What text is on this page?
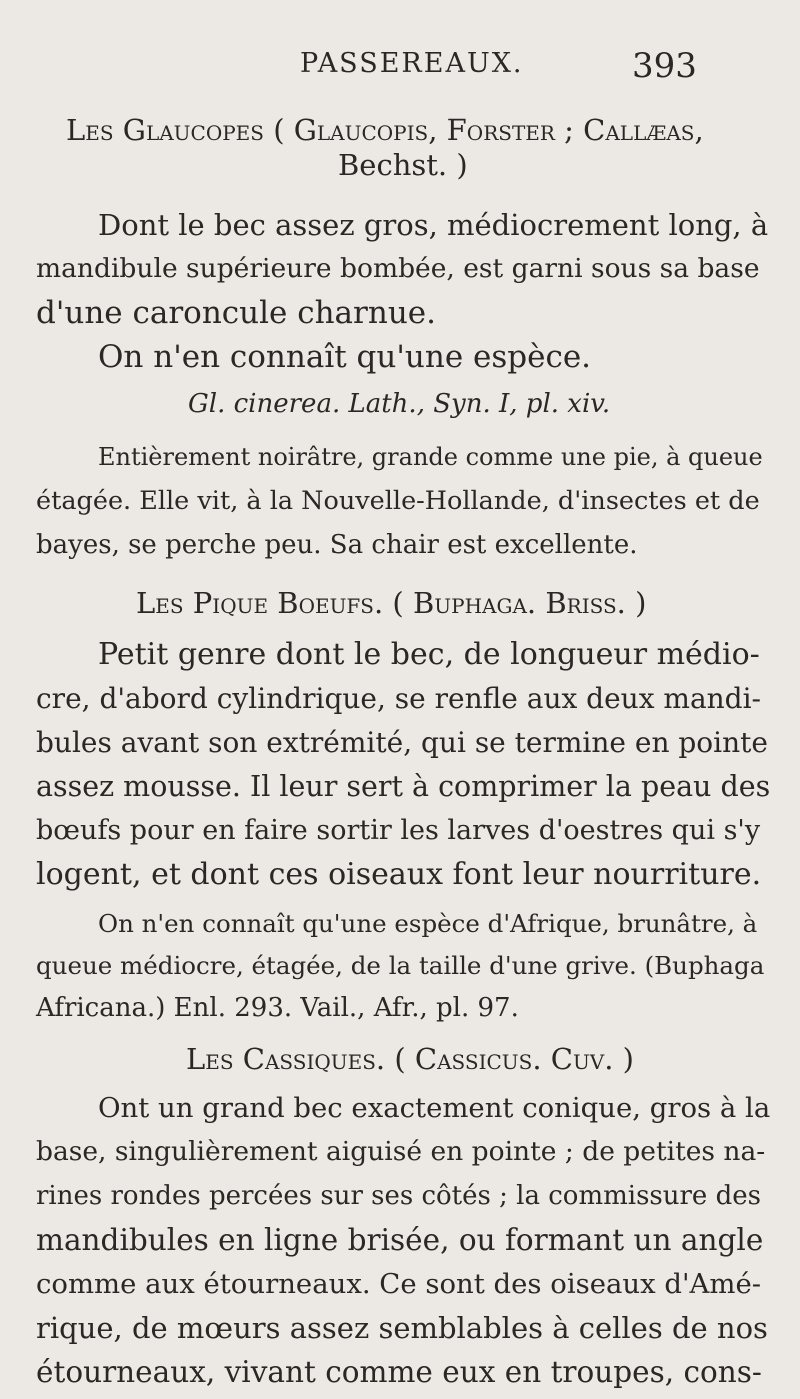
PASSEREAUX.	393
Les Glaucopes ( Glaucopis, Forster ; Callæas,
Bechst. )
Dont le bec assez gros, médiocrement long, à
mandibule supérieure bombée, est garni sous sa base
d'une caroncule charnue.
On n'en connaît qu'une espèce.
Gl. cinerea. Lath., Syn. I, pl. xiv.
Entièrement noirâtre, grande comme une pie, à queue
étagée. Elle vit, à la Nouvelle-Hollande, d'insectes et de
bayes, se perche peu. Sa chair est excellente.
Les Pique Boeufs. ( Buphaga. Briss. )
Petit genre dont le bec, de longueur médio-
cre, d'abord cylindrique, se renfle aux deux mandi-
bules avant son extrémité, qui se termine en pointe
assez mousse. Il leur sert à comprimer la peau des
bœufs pour en faire sortir les larves d'oestres qui s'y
logent, et dont ces oiseaux font leur nourriture.
On n'en connaît qu'une espèce d'Afrique, brunâtre, à
queue médiocre, étagée, de la taille d'une grive. (Buphaga
Africana.) Enl. 293. Vail., Afr., pl. 97.
Les Cassiques. ( Cassicus. Cuv. )
Ont un grand bec exactement conique, gros à la
base, singulièrement aiguisé en pointe ; de petites na-
rines rondes percées sur ses côtés ; la commissure des
mandibules en ligne brisée, ou formant un angle
comme aux étourneaux. Ce sont des oiseaux d'Amé-
rique, de mœurs assez semblables à celles de nos
étourneaux, vivant comme eux en troupes, cons-
